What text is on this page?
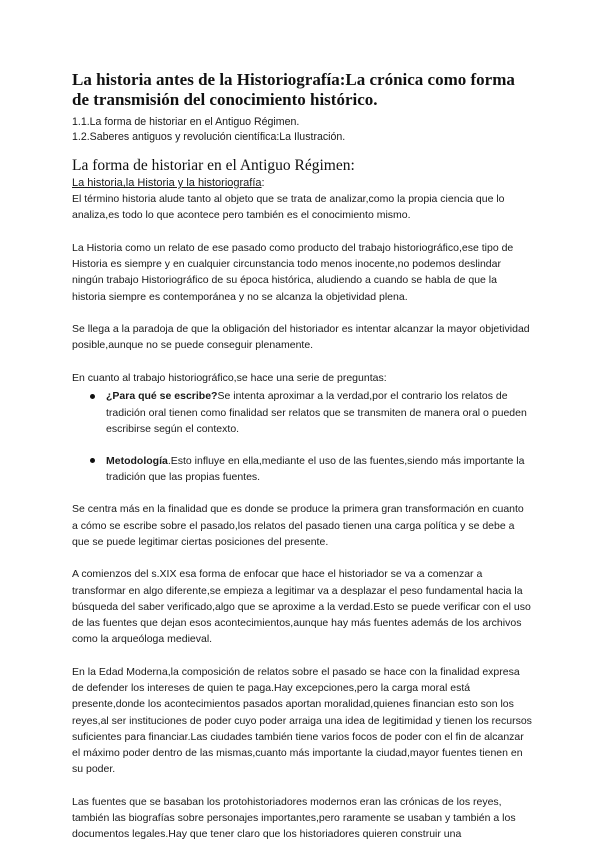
La historia antes de la Historiografía:La crónica como forma de transmisión del conocimiento histórico.

1.1.La forma de historiar en el Antiguo Régimen.

1.2.Saberes antiguos y revolución científica:La Ilustración.

La forma de historiar en el Antiguo Régimen:

La historia,la Historia y la historiografía:

El término historia alude tanto al objeto que se trata de analizar,como la propia ciencia que lo analiza,es todo lo que acontece pero también es el conocimiento mismo.

La Historia como un relato de ese pasado como producto del trabajo historiográfico,ese tipo de Historia es siempre y en cualquier circunstancia todo menos inocente,no podemos deslindar ningún trabajo Historiográfico de su época histórica, aludiendo a cuando se habla de que la historia siempre es contemporánea y no se alcanza la objetividad plena.

Se llega a la paradoja de que la obligación del historiador es intentar alcanzar la mayor objetividad posible,aunque no se puede conseguir plenamente.

En cuanto al trabajo historiográfico,se hace una serie de preguntas:

¿Para qué se escribe?Se intenta aproximar a la verdad,por el contrario los relatos de tradición oral tienen como finalidad ser relatos que se transmiten de manera oral o pueden escribirse según el contexto.
Metodología.Esto influye en ella,mediante el uso de las fuentes,siendo más importante la tradición que las propias fuentes.

Se centra más en la finalidad que es donde se produce la primera gran transformación en cuanto a cómo se escribe sobre el pasado,los relatos del pasado tienen una carga política y se debe a que se puede legitimar ciertas posiciones del presente.

A comienzos del s.XIX esa forma de enfocar que hace el historiador se va a comenzar a transformar en algo diferente,se empieza a legitimar va a desplazar el peso fundamental hacia la búsqueda del saber verificado,algo que se aproxime a la verdad.Esto se puede verificar con el uso de las fuentes que dejan esos acontecimientos,aunque hay más fuentes además de los archivos como la arqueóloga medieval.

En la Edad Moderna,la composición de relatos sobre el pasado se hace con la finalidad expresa de defender los intereses de quien te paga.Hay excepciones,pero la carga moral está presente,donde los acontecimientos pasados aportan moralidad,quienes financian esto son los reyes,al ser instituciones de poder cuyo poder arraiga una idea de legitimidad y tienen los recursos suficientes para financiar.Las ciudades también tiene varios focos de poder con el fin de alcanzar el máximo poder dentro de las mismas,cuanto más importante la ciudad,mayor fuentes tienen en su poder.

Las fuentes que se basaban los protohistoriadores modernos eran las crónicas de los reyes, también las biografías sobre personajes importantes,pero raramente se usaban y también a los documentos legales.Hay que tener claro que los historiadores quieren construir una
